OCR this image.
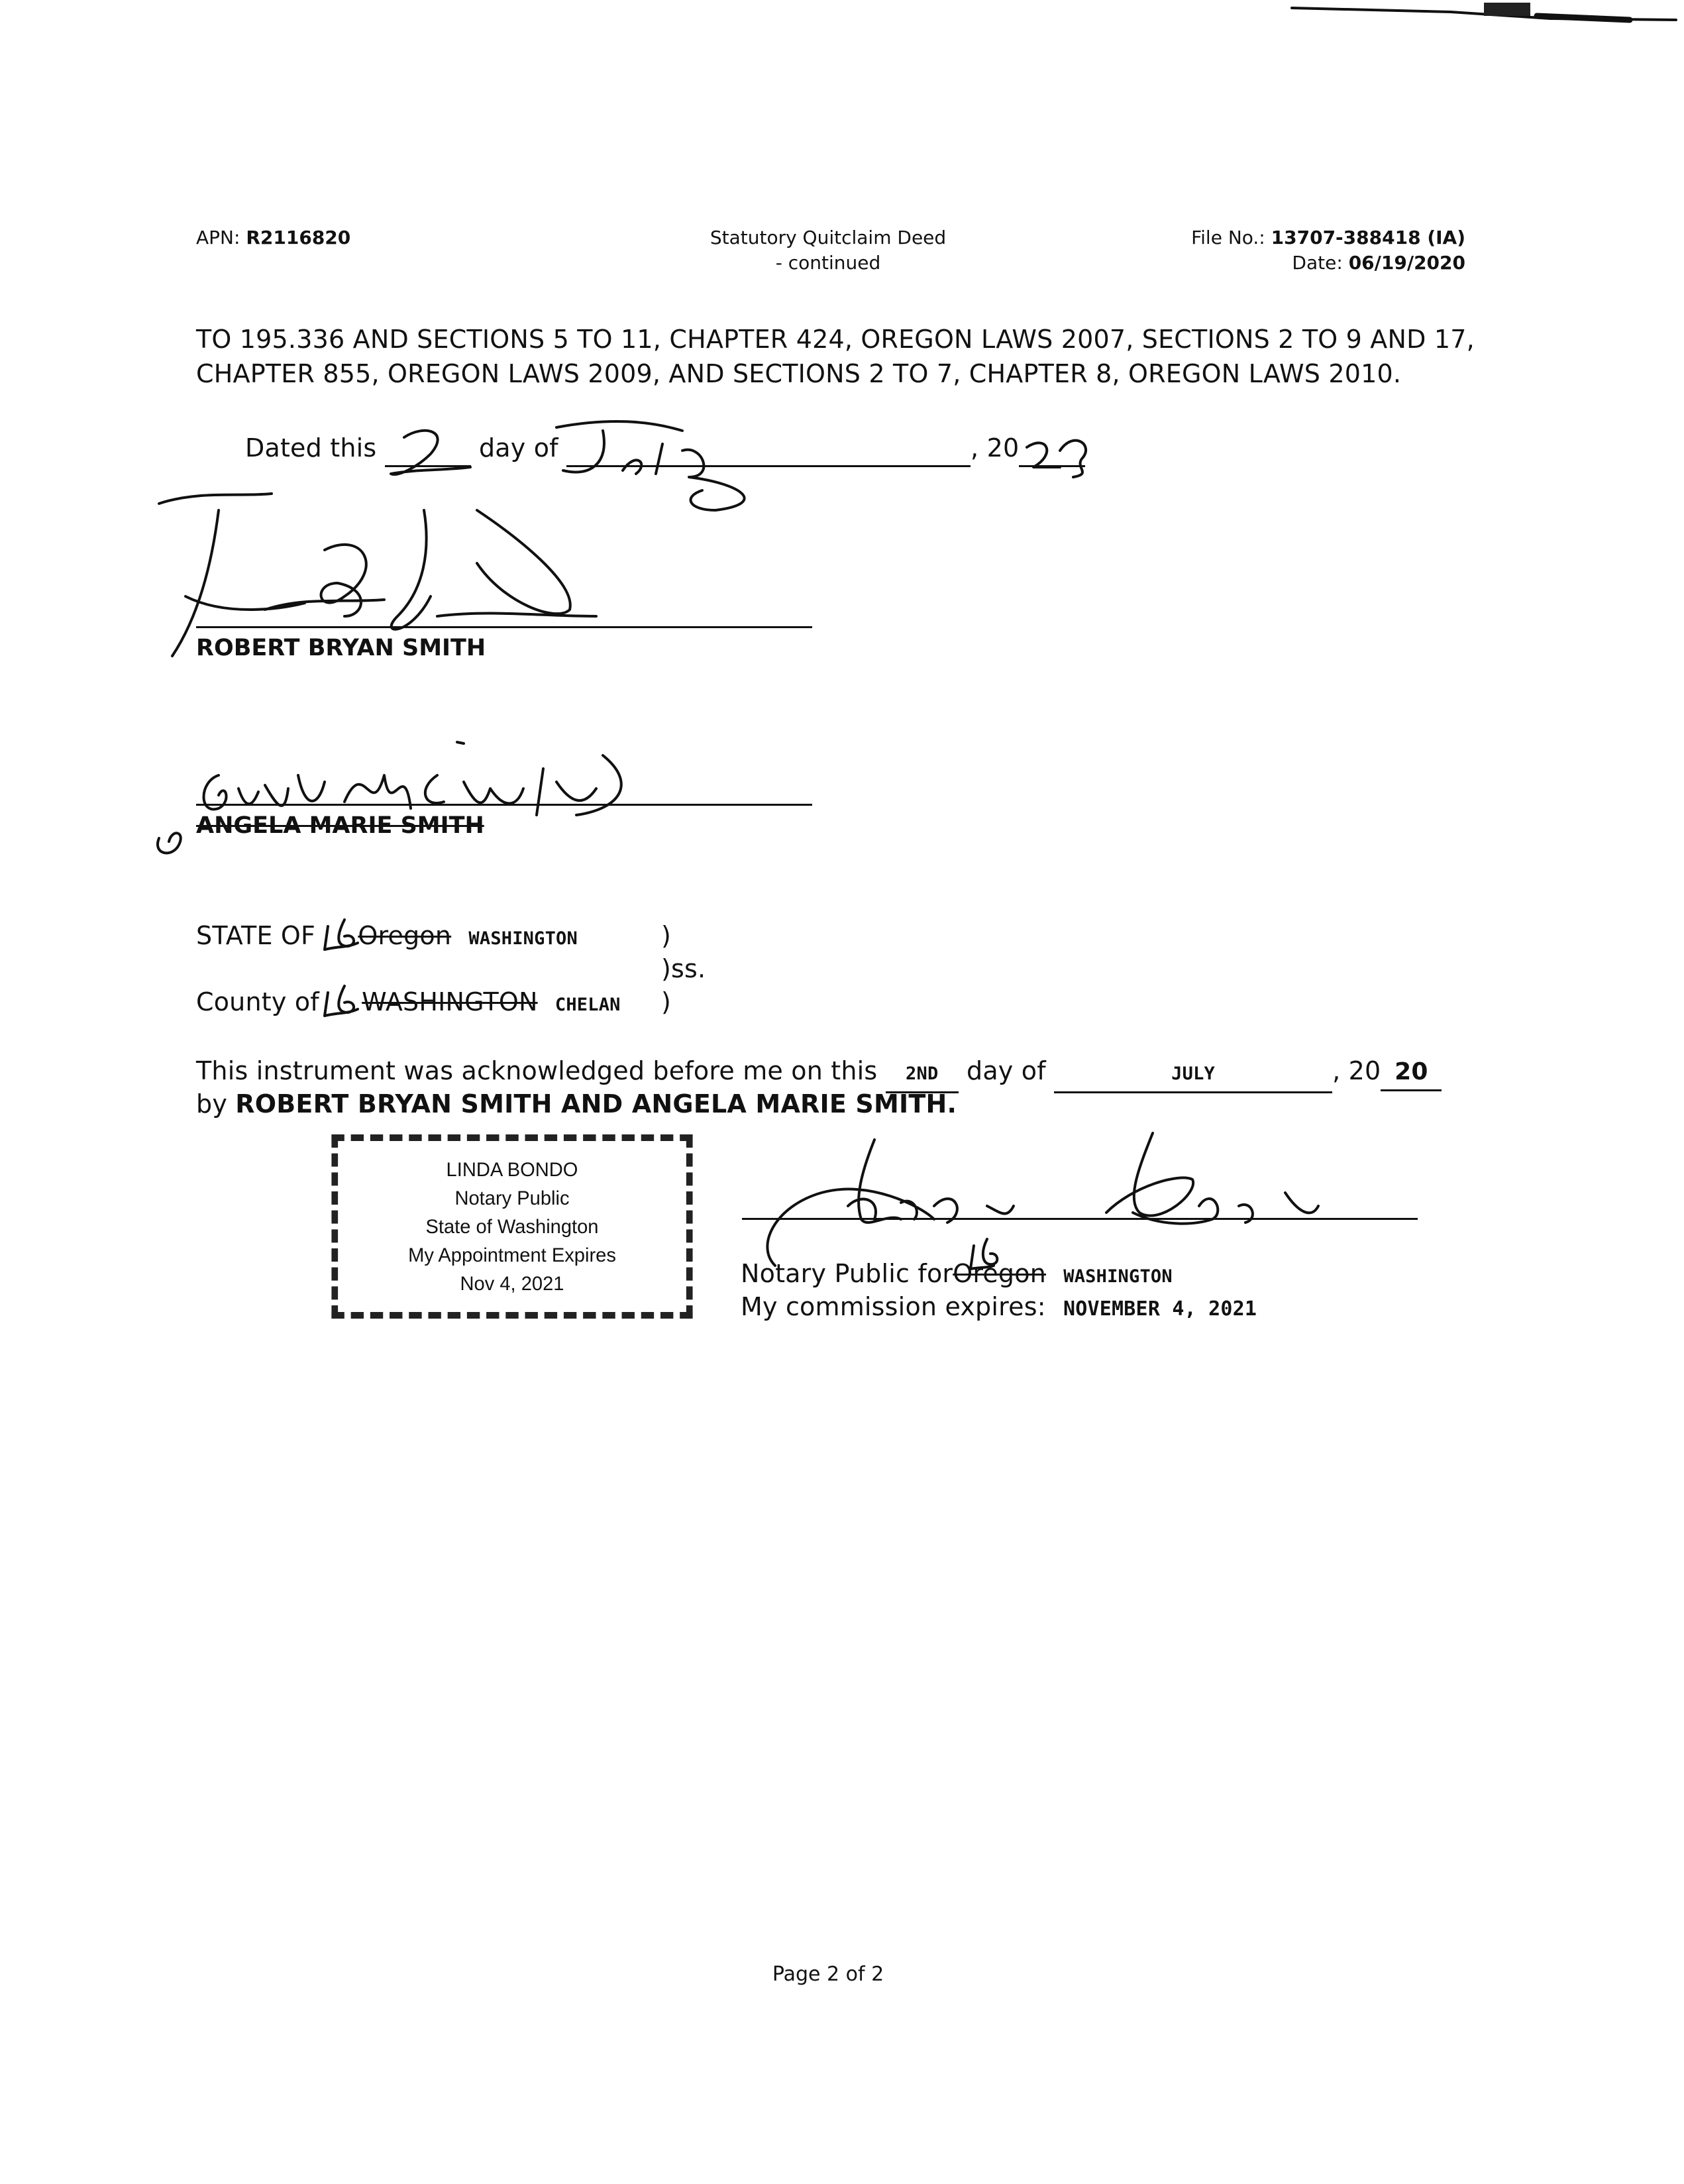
APN: R2116820	Statutory Quitclaim Deed
- continued
File No.: 13707-388418 (IA)
Date: 06/19/2020
TO 195.336 AND SECTIONS 5 TO 11, CHAPTER 424, OREGON LAWS 2007, SECTIONS 2 TO 9 AND 17,
CHAPTER 855, OREGON LAWS 2009, AND SECTIONS 2 TO 7, CHAPTER 8, OREGON LAWS 2010.
Dated this	day of	, 20
ROBERT BRYAN SMITH
ANGELA MARIE SMITH
STATE OF Oregon WASHINGTON	)
)ss.
County of WASHINGTON CHELAN )
This instrument was acknowledged before me on this 2ND day of	JULY	, 20 20
by ROBERT BRYAN SMITH AND ANGELA MARIE SMITH.
LINDA BONDO
Notary Public
State of Washington
My Appointment Expires
Nov 4, 2021	Notary Public forOregon WASHINGTON
My commission expires: NOVEMBER 4, 2021
Page 2 of 2
